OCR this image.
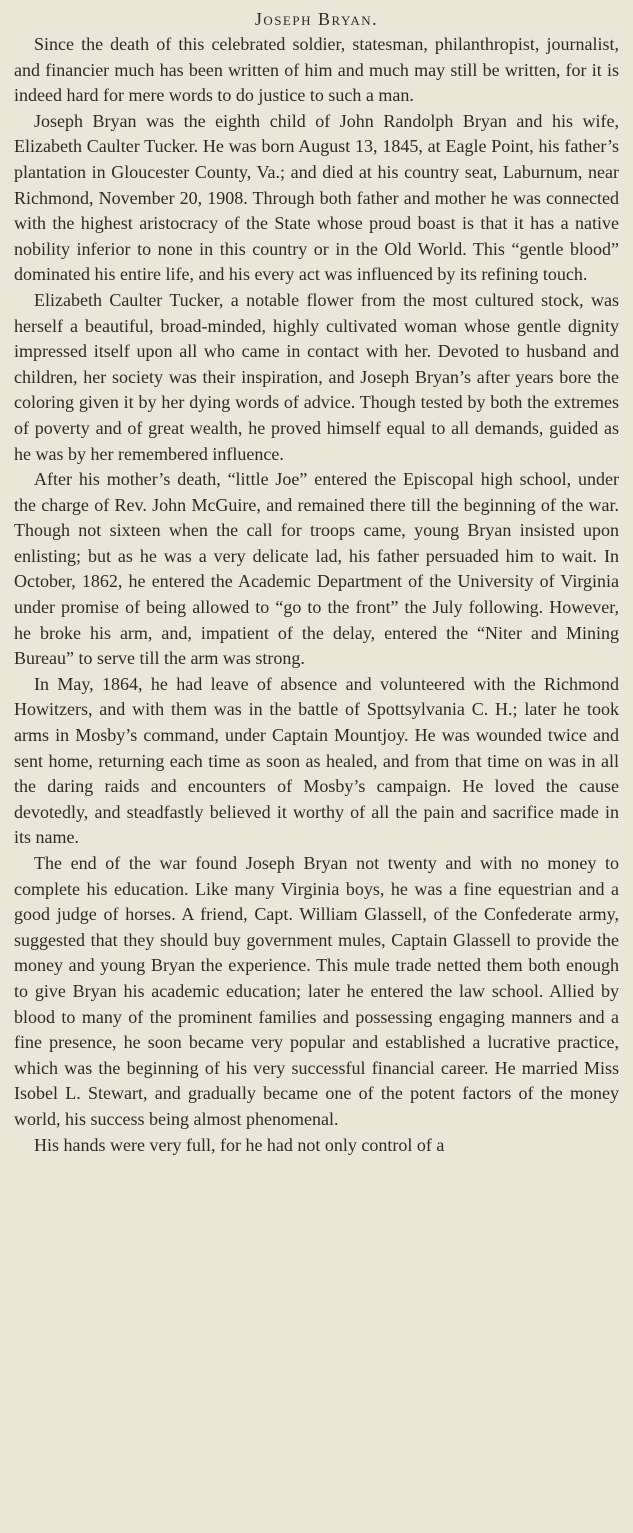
Joseph Bryan.

Since the death of this celebrated soldier, statesman, philanthropist, journalist, and financier much has been written of him and much may still be written, for it is indeed hard for mere words to do justice to such a man.

Joseph Bryan was the eighth child of John Randolph Bryan and his wife, Elizabeth Caulter Tucker. He was born August 13, 1845, at Eagle Point, his father’s plantation in Gloucester County, Va.; and died at his country seat, Laburnum, near Richmond, November 20, 1908. Through both father and mother he was connected with the highest aristocracy of the State whose proud boast is that it has a native nobility inferior to none in this country or in the Old World. This “gentle blood” dominated his entire life, and his every act was influenced by its refining touch.

Elizabeth Caulter Tucker, a notable flower from the most cultured stock, was herself a beautiful, broad-minded, highly cultivated woman whose gentle dignity impressed itself upon all who came in contact with her. Devoted to husband and children, her society was their inspiration, and Joseph Bryan’s after years bore the coloring given it by her dying words of advice. Though tested by both the extremes of poverty and of great wealth, he proved himself equal to all demands, guided as he was by her remembered influence.

After his mother’s death, “little Joe” entered the Episcopal high school, under the charge of Rev. John McGuire, and remained there till the beginning of the war. Though not sixteen when the call for troops came, young Bryan insisted upon enlisting; but as he was a very delicate lad, his father persuaded him to wait. In October, 1862, he entered the Academic Department of the University of Virginia under promise of being allowed to “go to the front” the July following. However, he broke his arm, and, impatient of the delay, entered the “Niter and Mining Bureau” to serve till the arm was strong.

In May, 1864, he had leave of absence and volunteered with the Richmond Howitzers, and with them was in the battle of Spottsylvania C. H.; later he took arms in Mosby’s command, under Captain Mountjoy. He was wounded twice and sent home, returning each time as soon as healed, and from that time on was in all the daring raids and encounters of Mosby’s campaign. He loved the cause devotedly, and steadfastly believed it worthy of all the pain and sacrifice made in its name.

The end of the war found Joseph Bryan not twenty and with no money to complete his education. Like many Virginia boys, he was a fine equestrian and a good judge of horses. A friend, Capt. William Glassell, of the Confederate army, suggested that they should buy government mules, Captain Glassell to provide the money and young Bryan the experience. This mule trade netted them both enough to give Bryan his academic education; later he entered the law school. Allied by blood to many of the prominent families and possessing engaging manners and a fine presence, he soon became very popular and established a lucrative practice, which was the beginning of his very successful financial career. He married Miss Isobel L. Stewart, and gradually became one of the potent factors of the money world, his success being almost phenomenal.

His hands were very full, for he had not only control of a
